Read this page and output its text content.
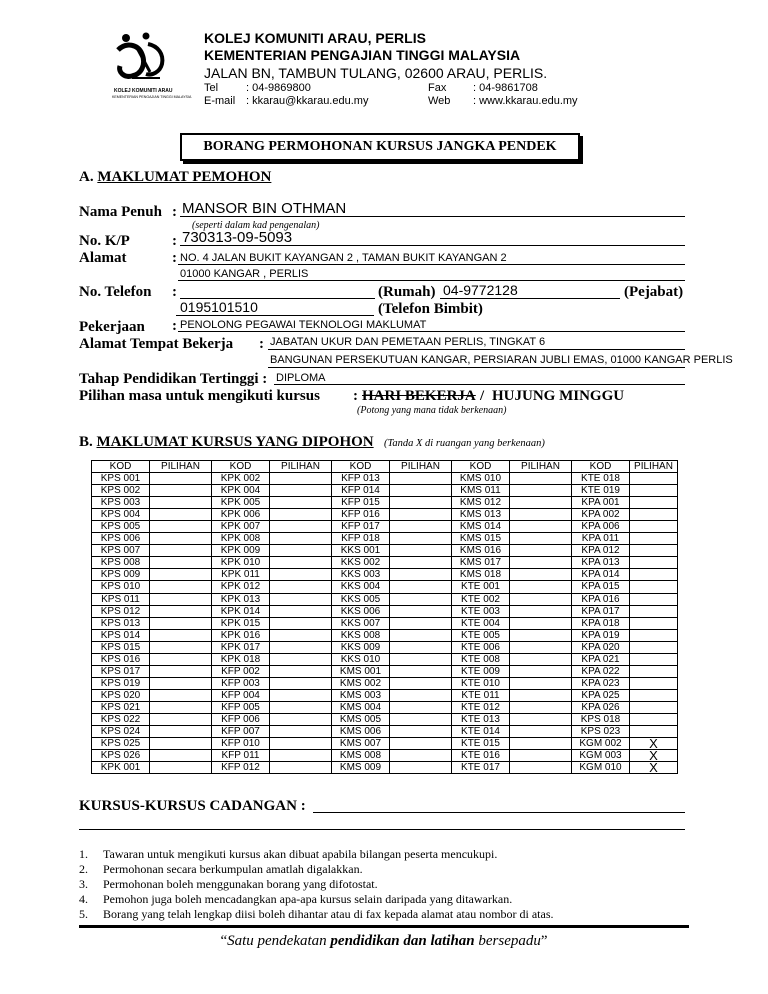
KOLEJ KOMUNITI ARAU
KEMENTERIAN PENGAJIAN TINGGI MALAYSIA
KOLEJ KOMUNITI ARAU, PERLIS
KEMENTERIAN PENGAJIAN TINGGI MALAYSIA
JALAN BN, TAMBUN TULANG, 02600 ARAU, PERLIS.
Tel	: 04-9869800	Fax : 04-9861708
E-mail : kkarau@kkarau.edu.my	Web : www.kkarau.edu.my
BORANG PERMOHONAN KURSUS JANGKA PENDEK
A. MAKLUMAT PEMOHON
Nama Penuh : MANSOR BIN OTHMAN
(seperti dalam kad pengenalan)
No. K/P	: 730313-09-5093
Alamat	: NO. 4 JALAN BUKIT KAYANGAN 2 , TAMAN BUKIT KAYANGAN 2
01000 KANGAR , PERLIS
No. Telefon :	(Rumah) 04-9772128	(Pejabat)
0195101510	(Telefon Bimbit)
Pekerjaan : PENOLONG PEGAWAI TEKNOLOGI MAKLUMAT
Alamat Tempat Bekerja : JABATAN UKUR DAN PEMETAAN PERLIS, TINGKAT 6
BANGUNAN PERSEKUTUAN KANGAR, PERSIARAN JUBLI EMAS, 01000 KANGAR PERLIS
Tahap Pendidikan Tertinggi : DIPLOMA
Pilihan masa untuk mengikuti kursus : HARI BEKERJA / HUJUNG MINGGU
(Potong yang mana tidak berkenaan)
B. MAKLUMAT KURSUS YANG DIPOHON (Tanda X di ruangan yang berkenaan)
KOD	PILIHAN	KOD	PILIHAN	KOD	PILIHAN	KOD	PILIHAN	KOD	PILIHAN
KPS 001		KPK 002		KFP 013		KMS 010		KTE 018	
KPS 002		KPK 004		KFP 014		KMS 011		KTE 019	
KPS 003		KPK 005		KFP 015		KMS 012		KPA 001	
KPS 004		KPK 006		KFP 016		KMS 013		KPA 002	
KPS 005		KPK 007		KFP 017		KMS 014		KPA 006	
KPS 006		KPK 008		KFP 018		KMS 015		KPA 011	
KPS 007		KPK 009		KKS 001		KMS 016		KPA 012	
KPS 008		KPK 010		KKS 002		KMS 017		KPA 013	
KPS 009		KPK 011		KKS 003		KMS 018		KPA 014	
KPS 010		KPK 012		KKS 004		KTE 001		KPA 015	
KPS 011		KPK 013		KKS 005		KTE 002		KPA 016	
KPS 012		KPK 014		KKS 006		KTE 003		KPA 017	
KPS 013		KPK 015		KKS 007		KTE 004		KPA 018	
KPS 014		KPK 016		KKS 008		KTE 005		KPA 019	
KPS 015		KPK 017		KKS 009		KTE 006		KPA 020	
KPS 016		KPK 018		KKS 010		KTE 008		KPA 021	
KPS 017		KFP 002		KMS 001		KTE 009		KPA 022	
KPS 019		KFP 003		KMS 002		KTE 010		KPA 023	
KPS 020		KFP 004		KMS 003		KTE 011		KPA 025	
KPS 021		KFP 005		KMS 004		KTE 012		KPA 026	
KPS 022		KFP 006		KMS 005		KTE 013		KPS 018	
KPS 024		KFP 007		KMS 006		KTE 014		KPS 023	
KPS 025		KFP 010		KMS 007		KTE 015		KGM 002	X
KPS 026		KFP 011		KMS 008		KTE 016		KGM 003	X
KPK 001		KFP 012		KMS 009		KTE 017		KGM 010	X
KURSUS-KURSUS CADANGAN :
1. Tawaran untuk mengikuti kursus akan dibuat apabila bilangan peserta mencukupi.
2. Permohonan secara berkumpulan amatlah digalakkan.
3. Permohonan boleh menggunakan borang yang difotostat.
4. Pemohon juga boleh mencadangkan apa-apa kursus selain daripada yang ditawarkan.
5. Borang yang telah lengkap diisi boleh dihantar atau di fax kepada alamat atau nombor di atas.
“Satu pendekatan pendidikan dan latihan bersepadu”
